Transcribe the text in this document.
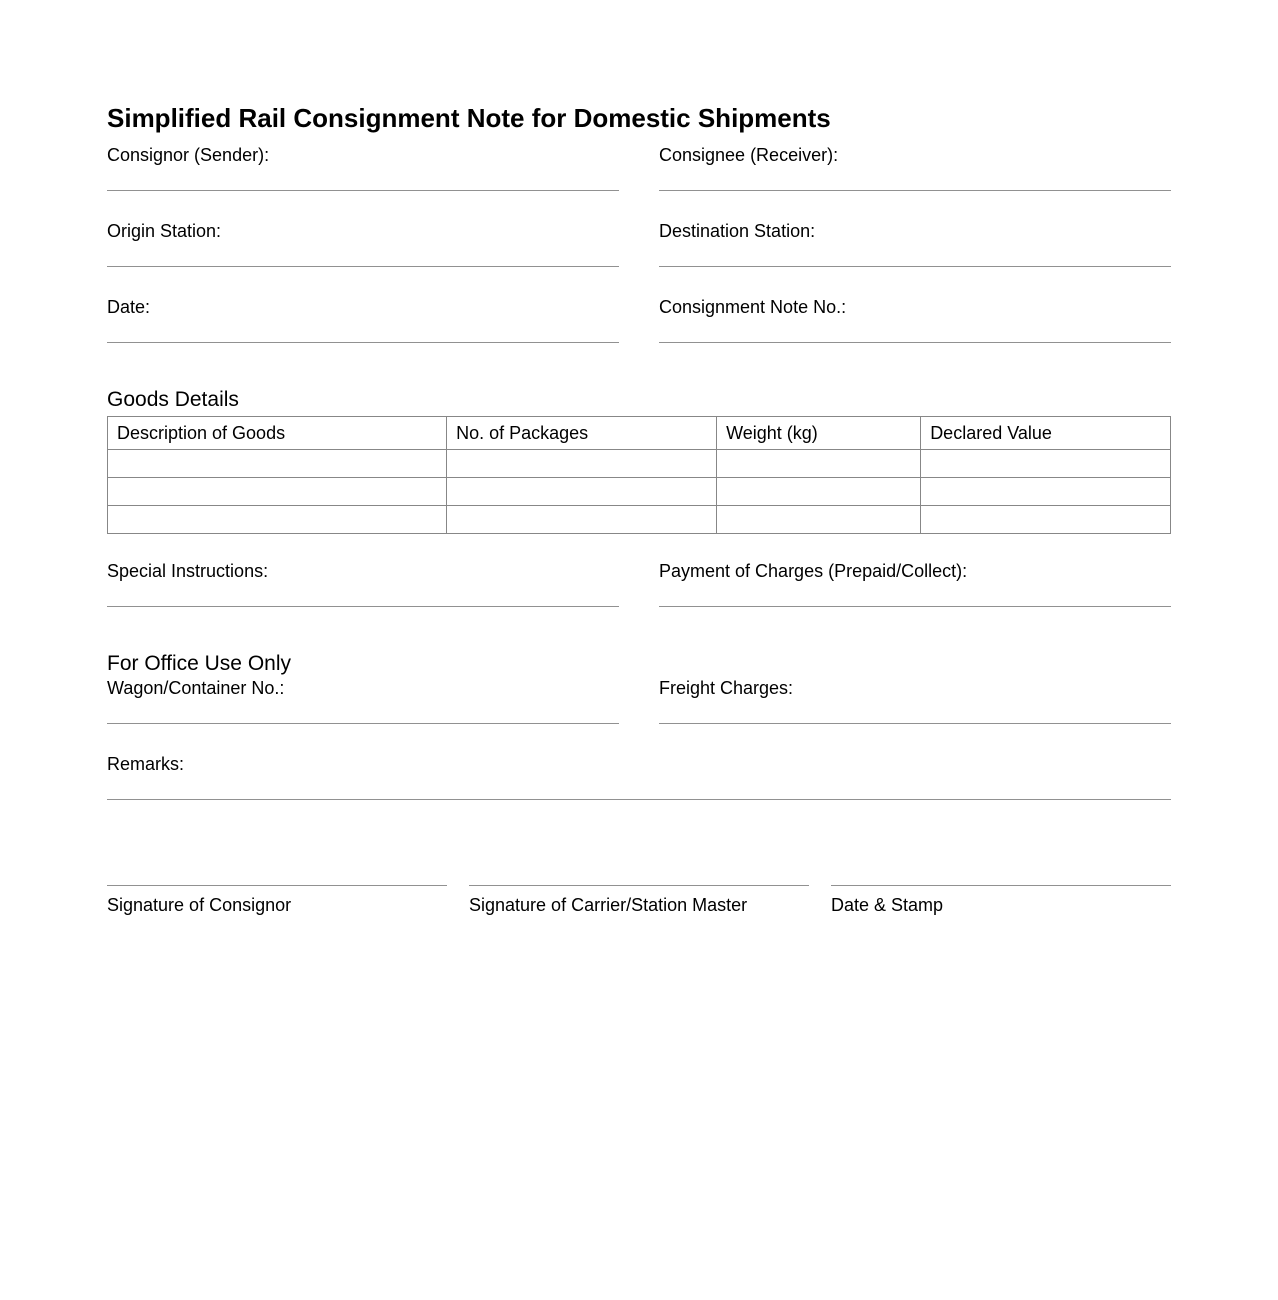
Simplified Rail Consignment Note for Domestic Shipments
Consignor (Sender):	Consignee (Receiver):
Origin Station:	Destination Station:
Date:	Consignment Note No.:
Goods Details
Description of Goods	No. of Packages	Weight (kg)	Declared Value

Special Instructions:	Payment of Charges (Prepaid/Collect):
For Office Use Only
Wagon/Container No.:	Freight Charges:
Remarks:
Signature of Consignor	Signature of Carrier/Station Master	Date & Stamp
